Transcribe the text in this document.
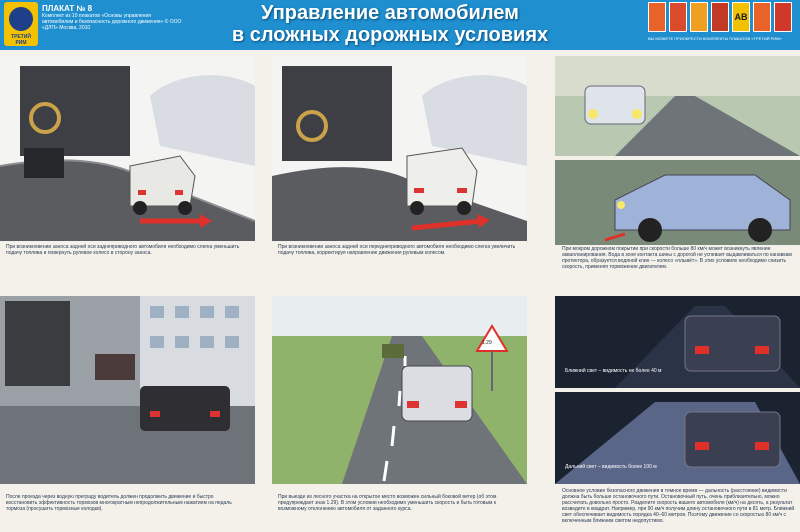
ТРЕТИЙ РИМ
ПЛАКАТ № 8
Комплект из 10 плакатов «Основы управления автомобилем и безопасность дорожного движения» © ООО «ДЛП» Москва, 2010
Управление автомобилем
в сложных дорожных условиях
AB
ВЫ МОЖЕТЕ ПРИОБРЕСТИ КОМПЛЕКТЫ ПЛАКАТОВ «ТРЕТИЙ РИМ»
При возникновении заноса задней оси заднеприводного автомобиля необходимо слегка уменьшить подачу топлива и повернуть рулевое колесо в сторону заноса.
При возникновении заноса задней оси переднеприводного автомобиля необходимо слегка увеличить подачу топлива, корректируя направление движения рулевым колесом.
При мокром дорожном покрытии при скорости больше 80 км/ч может возникнуть явление аквапланирования. Вода в зоне контакта шины с дорогой не успевает выдавливаться по канавкам протектора, образуется водяной клин — колесо «плывёт». В этих условиях необходимо снизить скорость, применяя торможение двигателем.
После проезда через водную преграду водитель должен продолжить движение и быстро восстановить эффективность тормозов многократным непродолжительным нажатием на педаль тормоза (просушить тормозные колодки).
1.29
При выезде из лесного участка на открытое место возможен сильный боковой ветер (об этом предупреждает знак 1.29). В этом условии необходимо уменьшить скорость и быть готовым к возможному отклонению автомобиля от заданного курса.
Ближний свет – видимость не более 40 м
Дальний свет – видимость более 100 м
Основное условие безопасного движения в темное время — дальность (расстояние) видимости должна быть больше остановочного пути. Остановочный путь, очень приблизительно, можно рассчитать довольно просто. Разделите скорость вашего автомобиля (км/ч) на десять, а результат возведите в квадрат. Например, при 90 км/ч получим длину остановочного пути в 81 метр. Ближний свет обеспечивает видимость порядка 40–60 метров. Поэтому движение со скоростью 80 км/ч с включенным ближним светом недопустимо.
